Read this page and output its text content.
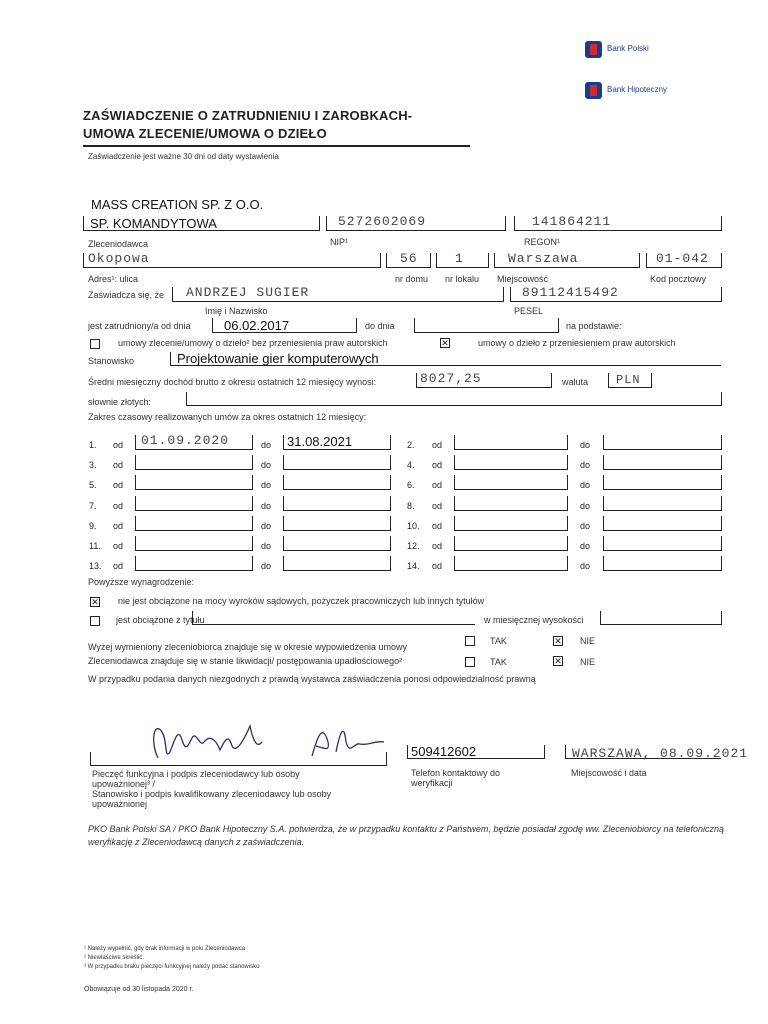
Bank Polski
Bank Hipoteczny
ZAŚWIADCZENIE O ZATRUDNIENIU I ZAROBKACH-
UMOWA ZLECENIE/UMOWA O DZIEŁO
Zaświadczenie jest ważne 30 dni od daty wystawienia
MASS CREATION SP. Z O.O.
SP. KOMANDYTOWA	5272602069	141864211
Zleceniodawca	NIP¹	REGON¹
Okopowa	56	1	Warszawa	01-042
Adres¹: ulica	nr domu nr lokalu Miejscowość	Kod pocztowy
Zaświadcza się, że ANDRZEJ SUGIER	89112415492
Imię i Nazwisko	PESEL
jest zatrudniony/a od dnia	06.02.2017	do dnia	na podstawie:
umowy zlecenie/umowy o dzieło² bez przeniesienia praw autorskich	✕	umowy o dzieło z przeniesieniem praw autorskich
Stanowisko	Projektowanie gier komputerowych
Średni miesięczny dochód brutto z okresu ostatnich 12 miesięcy wynosi:	8027,25	waluta PLN
słownie złotych:
Zakres czasowy realizowanych umów za okres ostatnich 12 miesięcy:
1. od 01.09.2020	do 31.08.2021	2. od	do
3. od	do	4. od	do
5. od	do	6. od	do
7. od	do	8. od	do
9. od	do	10. od	do
11. od	do	12. od	do
13. od	do	14. od	do
Powyższe wynagrodzenie:
✕ nie jest obciążone na mocy wyroków sądowych, pożyczek pracowniczych lub innych tytułów
jest obciążone z tytułu	w miesięcznej wysokości
Wyżej wymieniony zleceniobiorca znajduje się w okresie wypowiedzenia umowy
TAK	✕ NIE
Zleceniodawca znajduje się w stanie likwidacji/ postępowania upadłościowego²	TAK	✕ NIE
W przypadku podania danych niezgodnych z prawdą wystawca zaświadczenia ponosi odpowiedzialność prawną
509412602	WARSZAWA, 08.09.2021
Pieczęć funkcyjna i podpis zleceniodawcy lub osoby
upoważnionej³ /
Stanowisko i podpis kwalifikowany zleceniodawcy lub osoby
upoważnionej
Telefon kontaktowy do
weryfikacji
Miejscowość i data
PKO Bank Polski SA / PKO Bank Hipoteczny S.A. potwierdza, że w przypadku kontaktu z Państwem, będzie posiadał zgodę ww. Zleceniobiorcy na telefoniczną weryfikację z Zleceniodawcą danych z zaświadczenia.
¹ Należy wypełnić, gdy brak informacji w polu Zleceniodawca
² Niewłaściwe skreślić.
³ W przypadku braku pieczęci funkcyjnej należy podać stanowisko
Obowiązuje od 30 listopada 2020 r.
